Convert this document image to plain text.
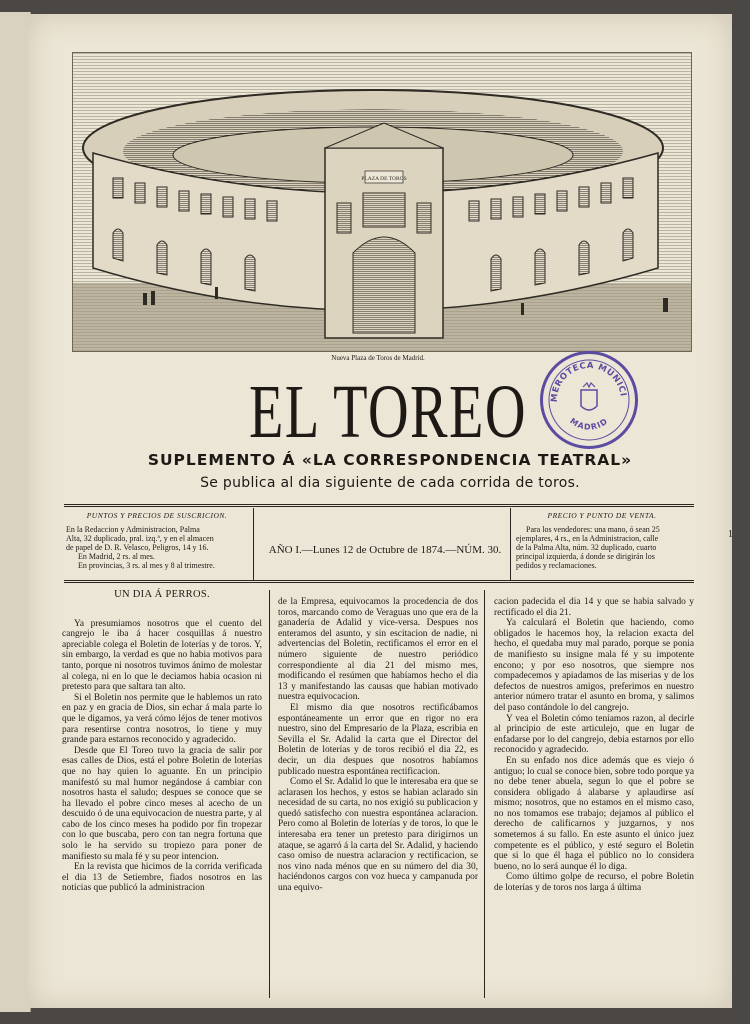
PLAZA DE TOROS
Nueva Plaza de Toros de Madrid.
EL TOREO	MEROTECA MUNICI
MADRID
SUPLEMENTO Á «LA CORRESPONDENCIA TEATRAL»
Se publica al dia siguiente de cada corrida de toros.
PUNTOS Y PRECIOS DE SUSCRICION.

En la Redaccion y Administracion, Palma

Alta, 32 duplicado, pral. izq.ª, y en el almacen

de papel de D. R. Velasco, Peligros, 14 y 16.

En Madrid, 2 rs. al mes.

En provincias, 3 rs. al mes y 8 al trimestre.

AÑO I.—Lunes 12 de Octubre de 1874.—NÚM. 30.
PRECIO Y PUNTO DE VENTA.

Para los vendedores: una mano, ó sean 25

ejemplares, 4 rs., en la Administracion, calle

de la Palma Alta, núm. 32 duplicado, cuarto

principal izquierda, á donde se dirigirán los

pedidos y reclamaciones.

UN DIA Á PERROS.

Ya presumiamos nosotros que el cuento del cangrejo le iba á hacer cosquillas á nuestro apreciable colega el Boletin de loterías y de toros. Y, sin embargo, la verdad es que no habia motivos para tanto, porque ni nosotros tuvimos ánimo de molestar al colega, ni en lo que le deciamos habia ocasion ni pretesto para que saltara tan alto.

Si el Boletin nos permite que le hablemos un rato en paz y en gracia de Dios, sin echar á mala parte lo que le digamos, ya verá cómo léjos de tener motivos para resentirse contra nosotros, lo tiene y muy grande para estarnos reconocido y agradecido.

Desde que El Toreo tuvo la gracia de salir por esas calles de Dios, está el pobre Boletin de loterías que no hay quien lo aguante. En un principio manifestó su mal humor negándose á cambiar con nosotros hasta el saludo; despues se conoce que se ha llevado el pobre cinco meses al acecho de un descuido ó de una equivocacion de nuestra parte, y al cabo de los cinco meses ha podido por fin tropezar con lo que buscaba, pero con tan negra fortuna que solo le ha servido su tropiezo para poner de manifiesto su mala fé y su peor intencion.

En la revista que hicimos de la corrida verificada el dia 13 de Setiembre, fiados nosotros en las noticias que publicó la administracion

de la Empresa, equivocamos la procedencia de dos toros, marcando como de Veraguas uno que era de la ganadería de Adalid y vice-versa. Despues nos enteramos del asunto, y sin escitacion de nadie, ni advertencias del Boletin, rectificamos el error en el número siguiente de nuestro periódico correspondiente al dia 21 del mismo mes, modificando el resúmen que habíamos hecho el dia 13 y manifestando las causas que habian motivado nuestra equivocacion.

El mismo dia que nosotros rectificábamos espontáneamente un error que en rigor no era nuestro, sino del Empresario de la Plaza, escribia en Sevilla el Sr. Adalid la carta que el Director del Boletin de loterías y de toros recibió el dia 22, es decir, un dia despues que nosotros habíamos publicado nuestra espontánea rectificacion.

Como el Sr. Adalid lo que le interesaba era que se aclarasen los hechos, y estos se habian aclarado sin necesidad de su carta, no nos exigió su publicacion y quedó satisfecho con nuestra espontánea aclaracion. Pero como al Boletin de loterías y de toros, lo que le interesaba era tener un pretesto para dirigirnos un ataque, se agarró á la carta del Sr. Adalid, y haciendo caso omiso de nuestra aclaracion y rectificacion, se nos vino nada ménos que en su número del dia 30, haciéndonos cargos con voz hueca y campanuda por una equivo-

cacion padecida el dia 14 y que se habia salvado y rectificado el dia 21.

Ya calculará el Boletin que haciendo, como obligados le hacemos hoy, la relacion exacta del hecho, el quedaba muy mal parado, porque se ponia de manifiesto su insigne mala fé y su impotente encono; y por eso nosotros, que siempre nos compadecemos y apiadamos de las miserias y de los defectos de nuestros amigos, preferimos en nuestro anterior número tratar el asunto en broma, y salimos del paso contándole lo del cangrejo.

Y vea el Boletin cómo teníamos razon, al decirle al principio de este articulejo, que en lugar de enfadarse por lo del cangrejo, debia estarnos por ello reconocido y agradecido.

En su enfado nos dice además que es viejo ó antiguo; lo cual se conoce bien, sobre todo porque ya no debe tener abuela, segun lo que el pobre se considera obligado á alabarse y aplaudirse así mismo; nosotros, que no estamos en el mismo caso, no nos tomamos ese trabajo; dejamos al público el derecho de calificarnos y juzgarnos, y nos sometemos á su fallo. En este asunto el único juez competente es el público, y esté seguro el Boletin que si lo que él haga el público no lo considera bueno, no lo será aunque él lo diga.

Como último golpe de recurso, el pobre Boletin de loterías y de toros nos larga á última

1
